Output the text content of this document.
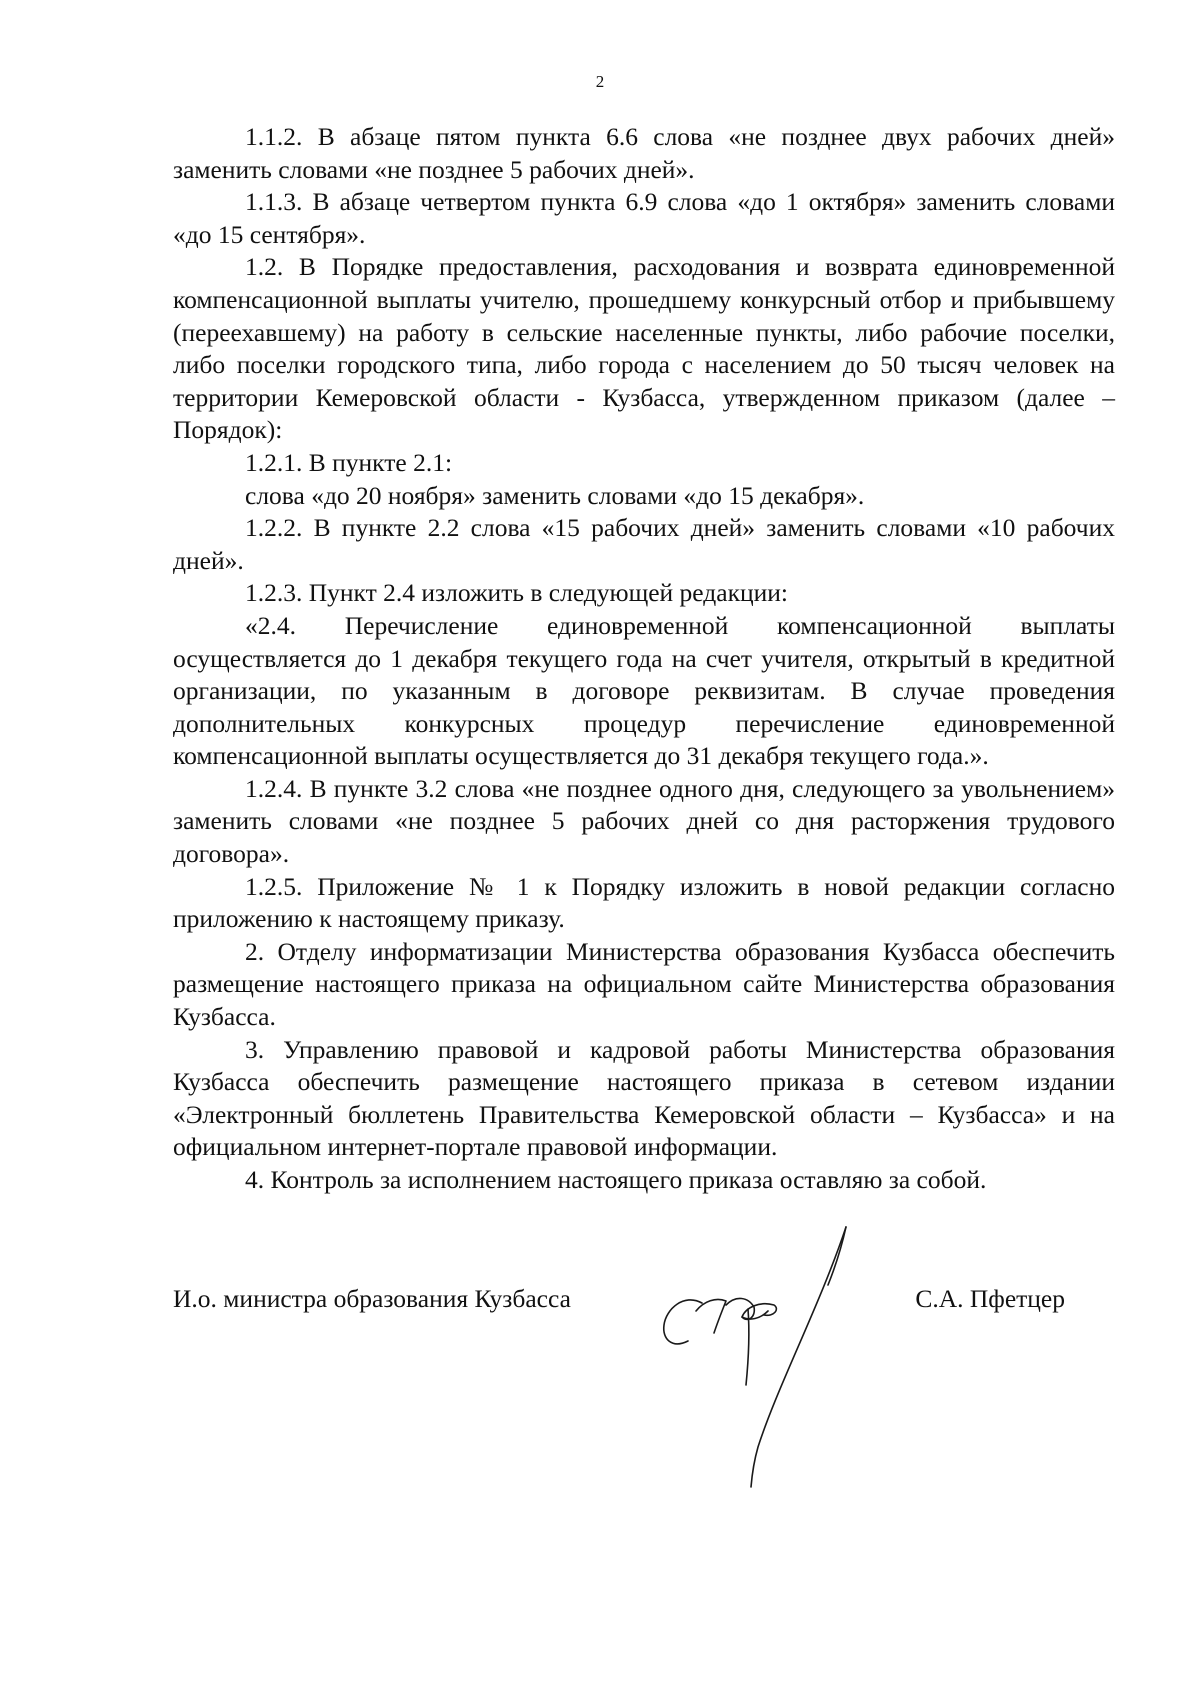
2

1.1.2. В абзаце пятом пункта 6.6 слова «не позднее двух рабочих дней» заменить словами «не позднее 5 рабочих дней».

1.1.3. В абзаце четвертом пункта 6.9 слова «до 1 октября» заменить словами «до 15 сентября».

1.2. В Порядке предоставления, расходования и возврата единовременной компенсационной выплаты учителю, прошедшему конкурсный отбор и прибывшему (переехавшему) на работу в сельские населенные пункты, либо рабочие поселки, либо поселки городского типа, либо города с населением до 50 тысяч человек на территории Кемеровской области - Кузбасса, утвержденном приказом (далее – Порядок):

1.2.1. В пункте 2.1:

слова «до 20 ноября» заменить словами «до 15 декабря».

1.2.2. В пункте 2.2 слова «15 рабочих дней» заменить словами «10 рабочих дней».

1.2.3. Пункт 2.4 изложить в следующей редакции:

«2.4. Перечисление единовременной компенсационной выплаты осуществляется до 1 декабря текущего года на счет учителя, открытый в кредитной организации, по указанным в договоре реквизитам. В случае проведения дополнительных конкурсных процедур перечисление единовременной компенсационной выплаты осуществляется до 31 декабря текущего года.».

1.2.4. В пункте 3.2 слова «не позднее одного дня, следующего за увольнением» заменить словами «не позднее 5 рабочих дней со дня расторжения трудового договора».

1.2.5. Приложение № 1 к Порядку изложить в новой редакции согласно приложению к настоящему приказу.

2. Отделу информатизации Министерства образования Кузбасса обеспечить размещение настоящего приказа на официальном сайте Министерства образования Кузбасса.

3. Управлению правовой и кадровой работы Министерства образования Кузбасса обеспечить размещение настоящего приказа в сетевом издании «Электронный бюллетень Правительства Кемеровской области – Кузбасса» и на официальном интернет-портале правовой информации.

4. Контроль за исполнением настоящего приказа оставляю за собой.

И.о. министра образования Кузбасса	С.А. Пфетцер
